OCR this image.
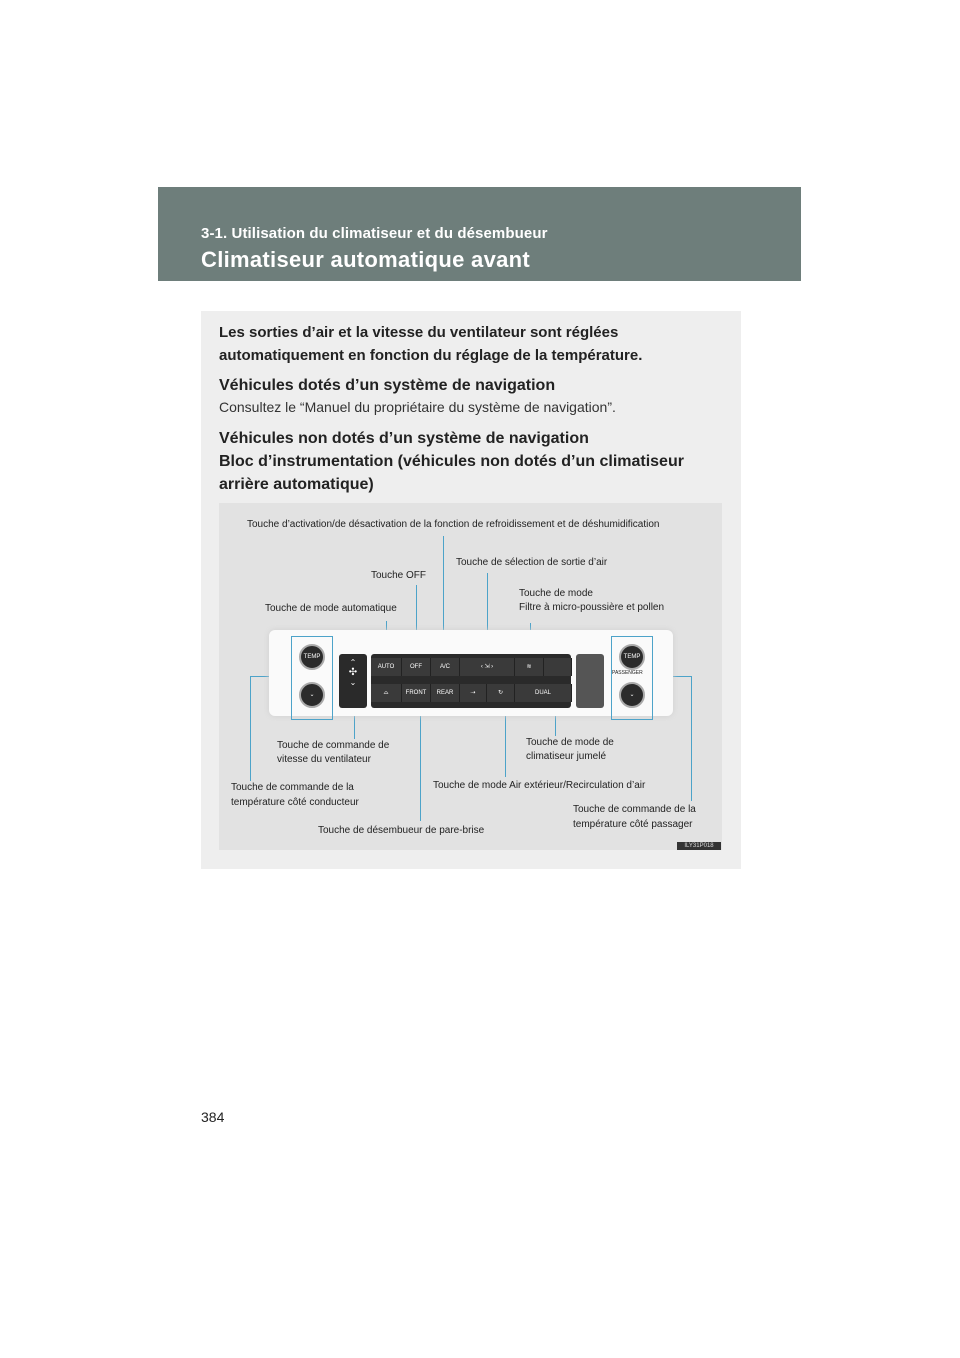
3-1. Utilisation du climatiseur et du désembueur
Climatiseur automatique avant
Les sorties d’air et la vitesse du ventilateur sont réglées automatiquement en fonction du réglage de la température.
Véhicules dotés d’un système de navigation
Consultez le “Manuel du propriétaire du système de navigation”.
Véhicules non dotés d’un système de navigation
Bloc d’instrumentation (véhicules non dotés d’un climatiseur arrière automatique)
Touche d’activation/de désactivation de la fonction de refroidissement et de déshumidification
Touche de sélection de sortie d’air
Touche OFF
Touche de mode
Filtre à micro-poussière et pollen
Touche de mode automatique
Touche de commande de
vitesse du ventilateur
Touche de mode de
climatiseur jumelé
Touche de commande de la
température côté conducteur
Touche de mode Air extérieur/Recirculation d’air
Touche de commande de la
température côté passager
Touche de désembueur de pare-brise
TEMP
⌄
⌃
✣
⌄
AUTO	OFF	A/C	‹ ⇲ ›	≋
⌓	FRONT	REAR	⇢	↻	DUAL
TEMP
PASSENGER
⌄
ILY31P018
384
